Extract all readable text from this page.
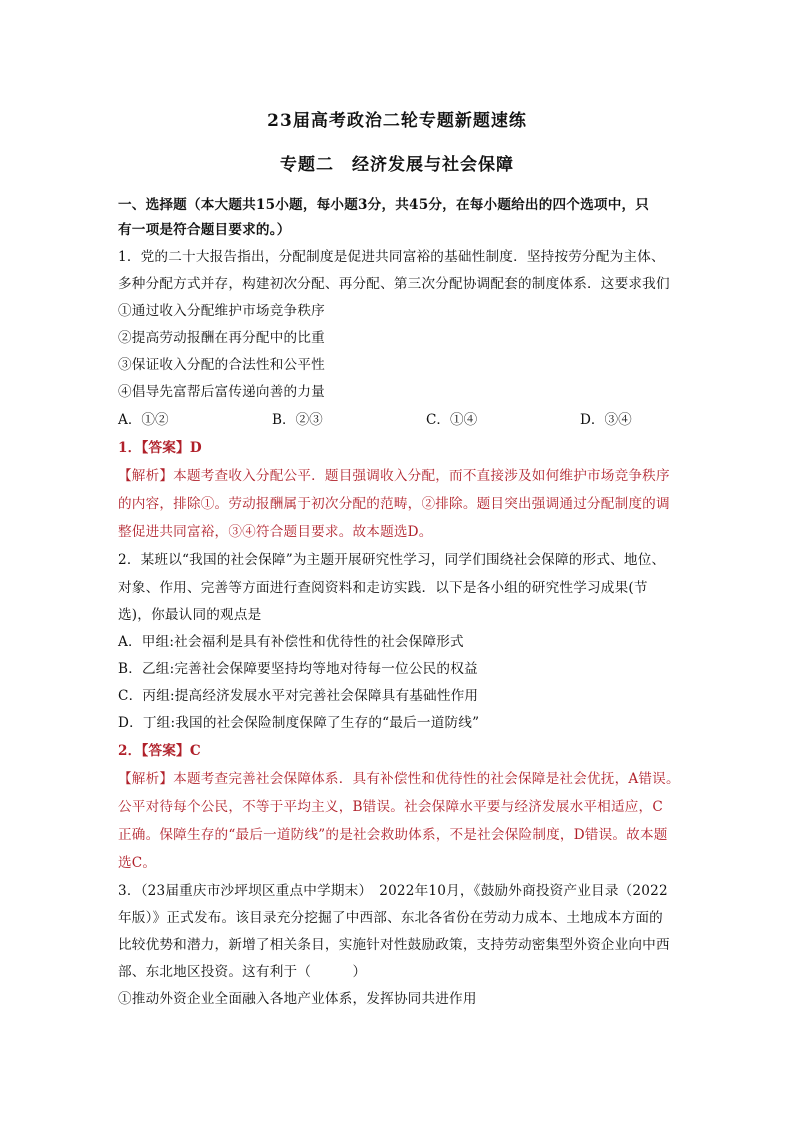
23届高考政治二轮专题新题速练
专题二　经济发展与社会保障
一、选择题（本大题共15小题，每小题3分，共45分，在每小题给出的四个选项中，只
有一项是符合题目要求的。）
1．党的二十大报告指出，分配制度是促进共同富裕的基础性制度．坚持按劳分配为主体、
多种分配方式并存，构建初次分配、再分配、第三次分配协调配套的制度体系．这要求我们
①通过收入分配维护市场竞争秩序
②提高劳动报酬在再分配中的比重
③保证收入分配的合法性和公平性
④倡导先富帮后富传递向善的力量
A．①②	B．②③	C．①④	D．③④
1．【答案】D
【解析】本题考查收入分配公平．题目强调收入分配，而不直接涉及如何维护市场竞争秩序
的内容，排除①。劳动报酬属于初次分配的范畴，②排除。题目突出强调通过分配制度的调
整促进共同富裕，③④符合题目要求。故本题选D。
2．某班以“我国的社会保障”为主题开展研究性学习，同学们围绕社会保障的形式、地位、
对象、作用、完善等方面进行查阅资料和走访实践．以下是各小组的研究性学习成果(节
选)，你最认同的观点是
A．甲组:社会福利是具有补偿性和优待性的社会保障形式
B．乙组:完善社会保障要坚持均等地对待每一位公民的权益
C．丙组:提高经济发展水平对完善社会保障具有基础性作用
D．丁组:我国的社会保险制度保障了生存的“最后一道防线”
2．【答案】C
【解析】本题考查完善社会保障体系．具有补偿性和优待性的社会保障是社会优抚，A错误。
公平对待每个公民，不等于平均主义，B错误。社会保障水平要与经济发展水平相适应，C
正确。保障生存的“最后一道防线”的是社会救助体系，不是社会保险制度，D错误。故本题
选C。
3．（23届重庆市沙坪坝区重点中学期末）　2022年10月，《鼓励外商投资产业目录（2022
年版）》正式发布。该目录充分挖掘了中西部、东北各省份在劳动力成本、土地成本方面的
比较优势和潜力，新增了相关条目，实施针对性鼓励政策，支持劳动密集型外资企业向中西
部、东北地区投资。这有利于（　　　）
①推动外资企业全面融入各地产业体系，发挥协同共进作用
